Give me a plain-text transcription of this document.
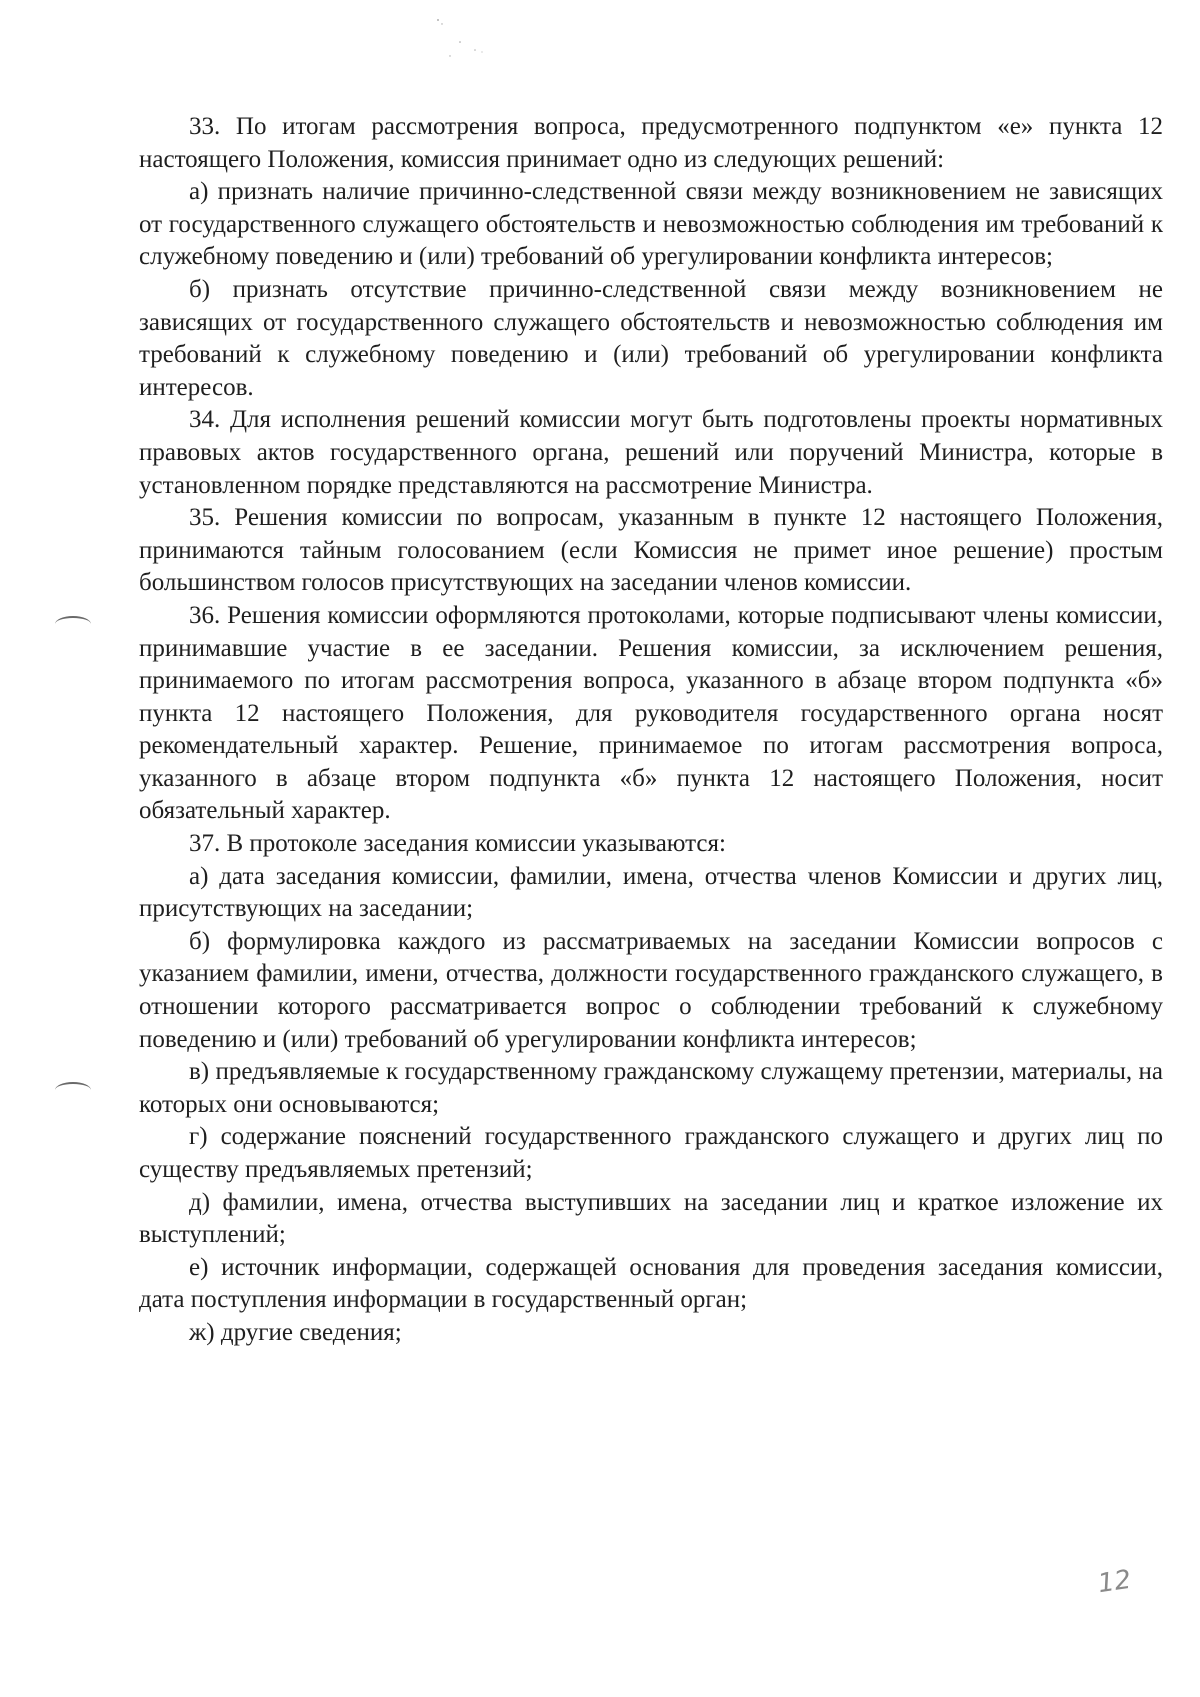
33. По итогам рассмотрения вопроса, предусмотренного подпунктом «е» пункта 12 настоящего Положения, комиссия принимает одно из следующих решений:

а) признать наличие причинно-следственной связи между возникновением не зависящих от государственного служащего обстоятельств и невозможностью соблюдения им требований к служебному поведению и (или) требований об урегулировании конфликта интересов;

б) признать отсутствие причинно-следственной связи между возникновением не зависящих от государственного служащего обстоятельств и невозможностью соблюдения им требований к служебному поведению и (или) требований об урегулировании конфликта интересов.

34. Для исполнения решений комиссии могут быть подготовлены проекты нормативных правовых актов государственного органа, решений или поручений Министра, которые в установленном порядке представляются на рассмотрение Министра.

35. Решения комиссии по вопросам, указанным в пункте 12 настоящего Положения, принимаются тайным голосованием (если Комиссия не примет иное решение) простым большинством голосов присутствующих на заседании членов комиссии.

36. Решения комиссии оформляются протоколами, которые подписывают члены комиссии, принимавшие участие в ее заседании. Решения комиссии, за исключением решения, принимаемого по итогам рассмотрения вопроса, указанного в абзаце втором подпункта «б» пункта 12 настоящего Положения, для руководителя государственного органа носят рекомендательный характер. Решение, принимаемое по итогам рассмотрения вопроса, указанного в абзаце втором подпункта «б» пункта 12 настоящего Положения, носит обязательный характер.

37. В протоколе заседания комиссии указываются:

а) дата заседания комиссии, фамилии, имена, отчества членов Комиссии и других лиц, присутствующих на заседании;

б) формулировка каждого из рассматриваемых на заседании Комиссии вопросов с указанием фамилии, имени, отчества, должности государственного гражданского служащего, в отношении которого рассматривается вопрос о соблюдении требований к служебному поведению и (или) требований об урегулировании конфликта интересов;

в) предъявляемые к государственному гражданскому служащему претензии, материалы, на которых они основываются;

г) содержание пояснений государственного гражданского служащего и других лиц по существу предъявляемых претензий;

д) фамилии, имена, отчества выступивших на заседании лиц и краткое изложение их выступлений;

е) источник информации, содержащей основания для проведения заседания комиссии, дата поступления информации в государственный орган;

ж) другие сведения;

12
